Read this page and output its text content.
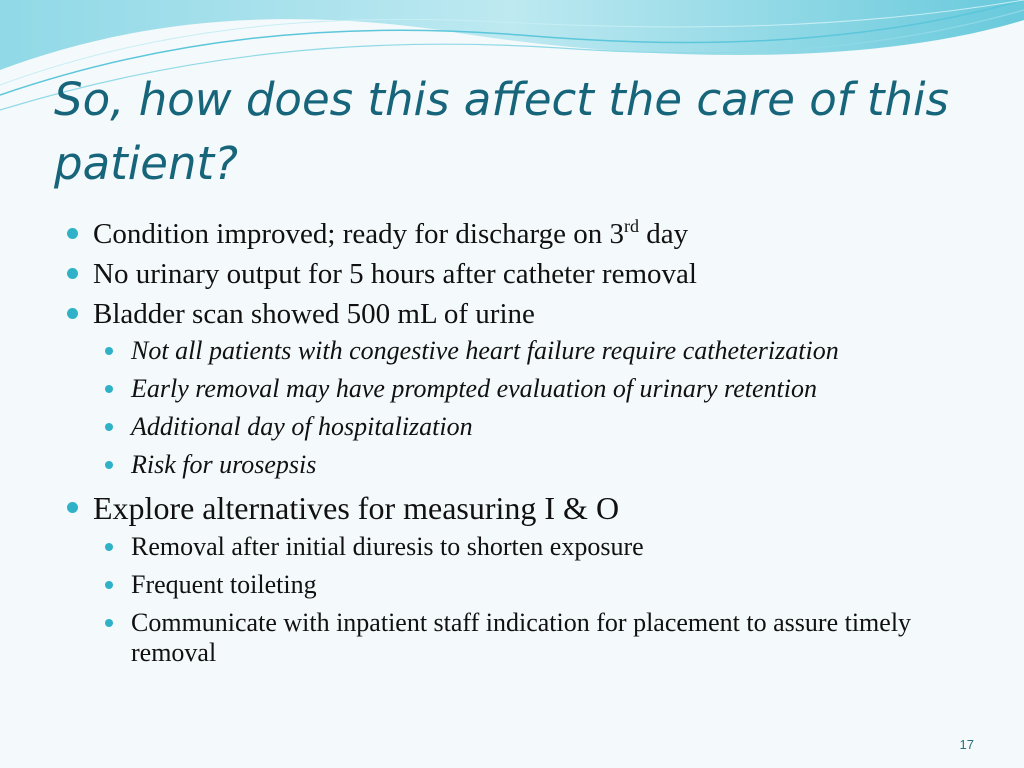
So, how does this affect the care of this patient?
Condition improved; ready for discharge on 3rd day
No urinary output for 5 hours after catheter removal
Bladder scan showed 500 mL of urine
Not all patients with congestive heart failure require catheterization
Early removal may have prompted evaluation of urinary retention
Additional day of hospitalization
Risk for urosepsis
Explore alternatives for measuring I & O
Removal after initial diuresis to shorten exposure
Frequent toileting
Communicate with inpatient staff indication for placement to assure timely removal
17
